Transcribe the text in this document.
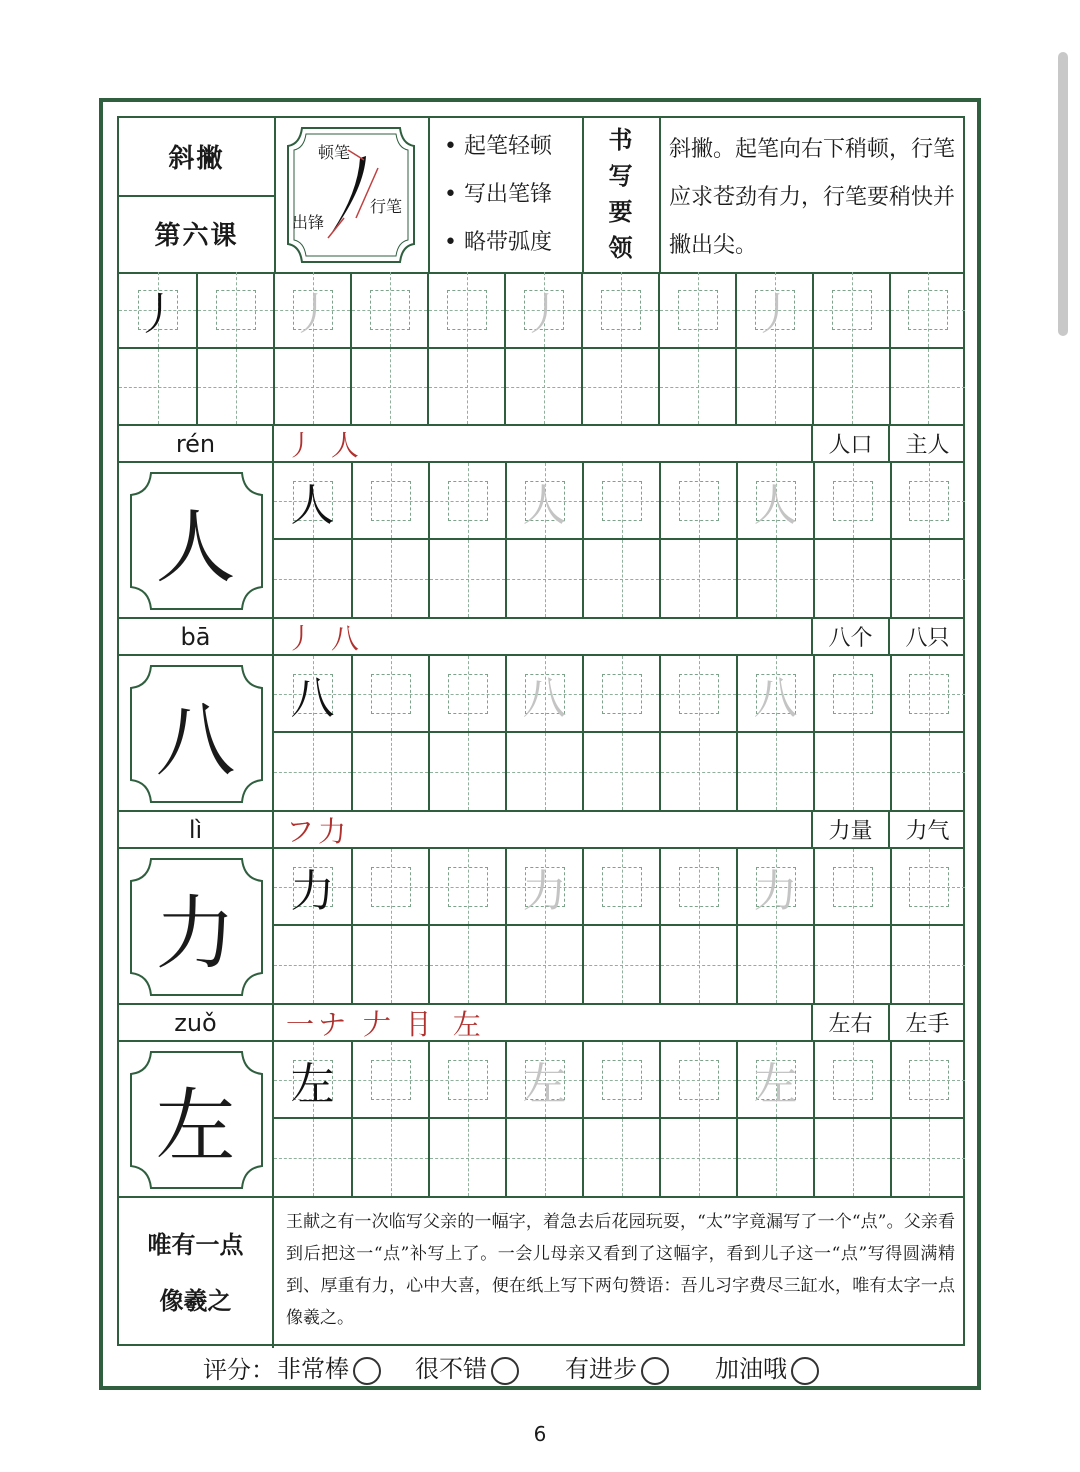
斜撇
第六课
顿笔
行笔
出锋
• 起笔轻顿
• 写出笔锋
• 略带弧度
书
写
要
领
斜撇。起笔向右下稍顿，行笔应求苍劲有力，行笔要稍快并撇出尖。
丿	丿	丿	丿
rén	丿 人	人口	主人
人	人	人	人
bā	丿 八	八个	八只
八	八	八	八
lì	フ力	力量	力气
力	力	力	力
zuǒ	一ナ 𠂇 ⺝ 左	左右	左手
左	左	左	左
唯有一点
像羲之
王献之有一次临写父亲的一幅字，着急去后花园玩耍，“太”字竟漏写了一个“点”。父亲看到后把这一“点”补写上了。一会儿母亲又看到了这幅字，看到儿子这一“点”写得圆满精到、厚重有力，心中大喜，便在纸上写下两句赞语：吾儿习字费尽三缸水，唯有太字一点像羲之。
评分： 非常棒	很不错	有进步	加油哦
6
